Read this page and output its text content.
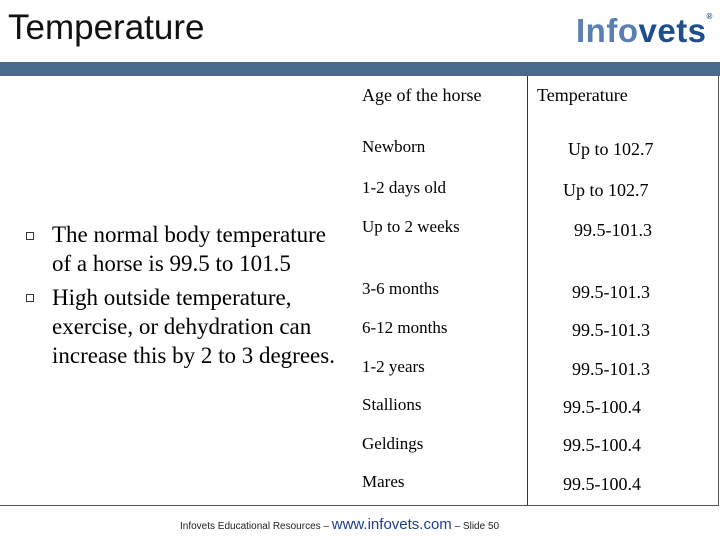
Temperature	Infovets®
The normal body temperature
of a horse is 99.5 to 101.5
High outside temperature,
exercise, or dehydration can
increase this by 2 to 3 degrees.
Age of the horse	Temperature
Newborn	Up to 102.7
1-2 days old	Up to 102.7
Up to 2 weeks	99.5-101.3
3-6 months	99.5-101.3
6-12 months	99.5-101.3
1-2 years	99.5-101.3
Stallions	99.5-100.4
Geldings	99.5-100.4
Mares	99.5-100.4
Infovets Educational Resources – www.infovets.com – Slide 50
